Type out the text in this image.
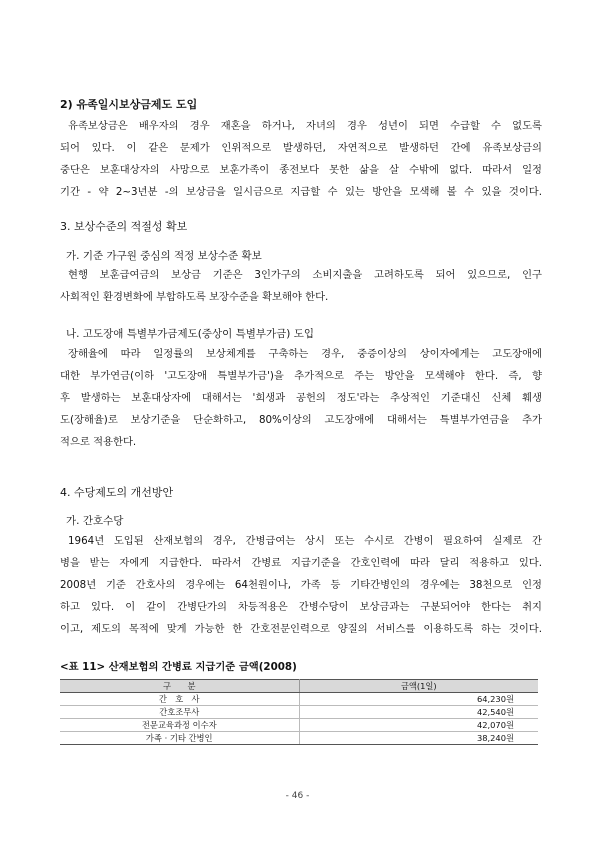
2) 유족일시보상금제도 도입
유족보상금은 배우자의 경우 재혼을 하거나, 자녀의 경우 성년이 되면 수급할 수 없도록
되어 있다. 이 같은 문제가 인위적으로 발생하던, 자연적으로 발생하던 간에 유족보상금의
중단은 보훈대상자의 사망으로 보훈가족이 종전보다 못한 삶을 살 수밖에 없다. 따라서 일정
기간 - 약 2~3년분 -의 보상금을 일시금으로 지급할 수 있는 방안을 모색해 볼 수 있을 것이다.
3. 보상수준의 적절성 확보
가. 기준 가구원 중심의 적정 보상수준 확보
현행 보훈급여금의 보상금 기준은 3인가구의 소비지출을 고려하도록 되어 있으므로, 인구
사회적인 환경변화에 부합하도록 보장수준을 확보해야 한다.
나. 고도장애 특별부가금제도(중상이 특별부가금) 도입
장해율에 따라 일정률의 보상체계를 구축하는 경우, 중증이상의 상이자에게는 고도장애에
대한 부가연금(이하 '고도장애 특별부가금')을 추가적으로 주는 방안을 모색해야 한다. 즉, 향
후 발생하는 보훈대상자에 대해서는 '희생과 공헌의 정도'라는 추상적인 기준대신 신체 훼생
도(장해율)로 보상기준을 단순화하고, 80%이상의 고도장애에 대해서는 특별부가연금을 추가
적으로 적용한다.
4. 수당제도의 개선방안
가. 간호수당
1964년 도입된 산재보험의 경우, 간병급여는 상시 또는 수시로 간병이 필요하여 실제로 간
병을 받는 자에게 지급한다. 따라서 간병료 지급기준을 간호인력에 따라 달리 적용하고 있다.
2008년 기준 간호사의 경우에는 64천원이나, 가족 등 기타간병인의 경우에는 38천으로 인정
하고 있다. 이 같이 간병단가의 차등적용은 간병수당이 보상금과는 구분되어야 한다는 취지
이고, 제도의 목적에 맞게 가능한 한 간호전문인력으로 양질의 서비스를 이용하도록 하는 것이다.
<표 11> 산재보험의 간병료 지급기준 금액(2008)
구　　분	금액(1일)
간　호　사	64,230원
간호조무사	42,540원
전문교육과정 이수자	42,070원
가족 · 기타 간병인	38,240원
- 46 -
